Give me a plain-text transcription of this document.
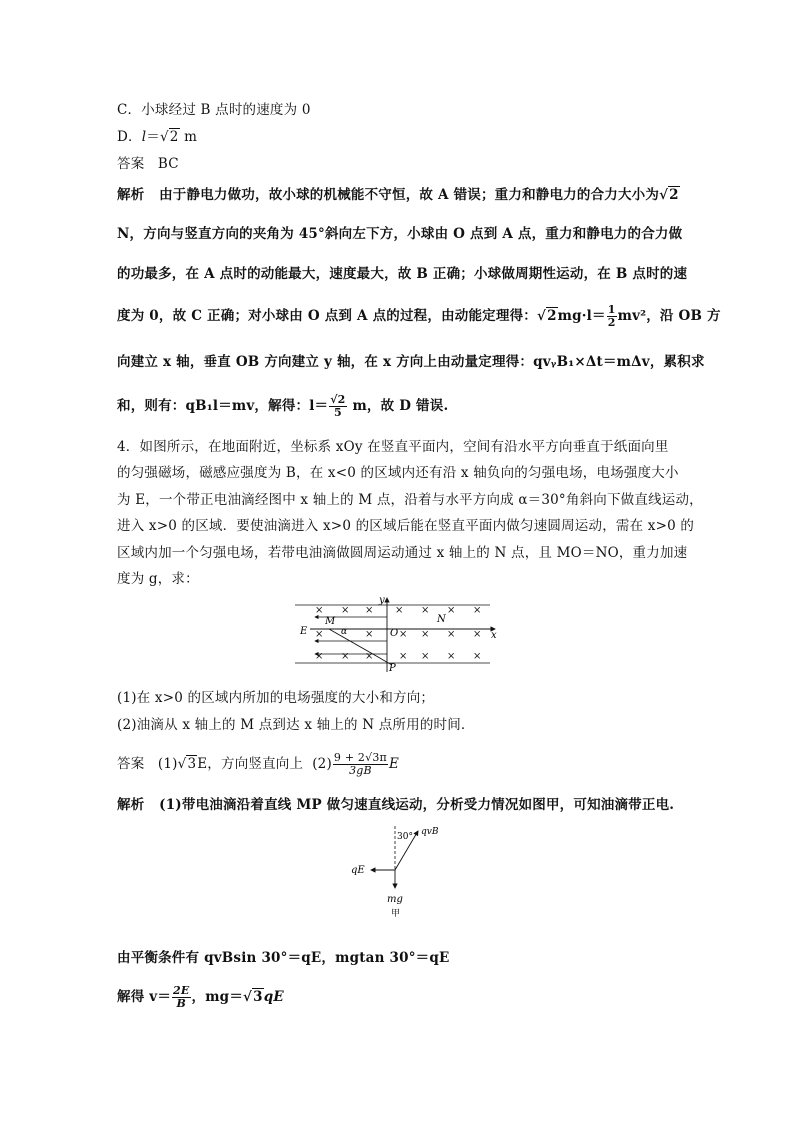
C．小球经过 B 点时的速度为 0
D．l＝√2 m
答案 BC
解析 由于静电力做功，故小球的机械能不守恒，故 A 错误；重力和静电力的合力大小为√2
N，方向与竖直方向的夹角为 45°斜向左下方，小球由 O 点到 A 点，重力和静电力的合力做
的功最多，在 A 点时的动能最大，速度最大，故 B 正确；小球做周期性运动，在 B 点时的速
度为 0，故 C 正确；对小球由 O 点到 A 点的过程，由动能定理得：$√2mg\cdot l= \frac{1}{2} mv^2$，沿 OB 方
向建立 x 轴，垂直 OB 方向建立 y 轴，在 x 方向上由动量定理得：qvᵧB₁×Δt＝mΔv，累积求
和，则有：qB₁l＝mv，解得：$l= \frac{√2}{5}$ m，故 D 错误.
4．如图所示，在地面附近，坐标系 xOy 在竖直平面内，空间有沿水平方向垂直于纸面向里
的匀强磁场，磁感应强度为 B，在 x<0 的区域内还有沿 x 轴负向的匀强电场，电场强度大小
为 E，一个带正电油滴经图中 x 轴上的 M 点，沿着与水平方向成 α＝30°角斜向下做直线运动，
进入 x>0 的区域．要使油滴进入 x>0 的区域后能在竖直平面内做匀速圆周运动，需在 x>0 的
区域内加一个匀强电场，若带电油滴做圆周运动通过 x 轴上的 N 点，且 MO＝NO，重力加速
度为 g，求：
× × × × × × ×
×	×	× × × ×
× × ×	× × × ×
y
x
E
M
α	O
N
P
(1)在 x>0 的区域内所加的电场强度的大小和方向；
(2)油滴从 x 轴上的 M 点到达 x 轴上的 N 点所用的时间．
答案 (1)√3E，方向竖直向上 $(2) \frac{9 + 2√3\pi}{3gB}$ E
解析 (1)带电油滴沿着直线 MP 做匀速直线运动，分析受力情况如图甲，可知油滴带正电.
30° qvB
qE
mg
甲
由平衡条件有 qvBsin 30°＝qE，mgtan 30°＝qE
解得 $v= \frac{2E}{B}$ ，mg＝√3qE
